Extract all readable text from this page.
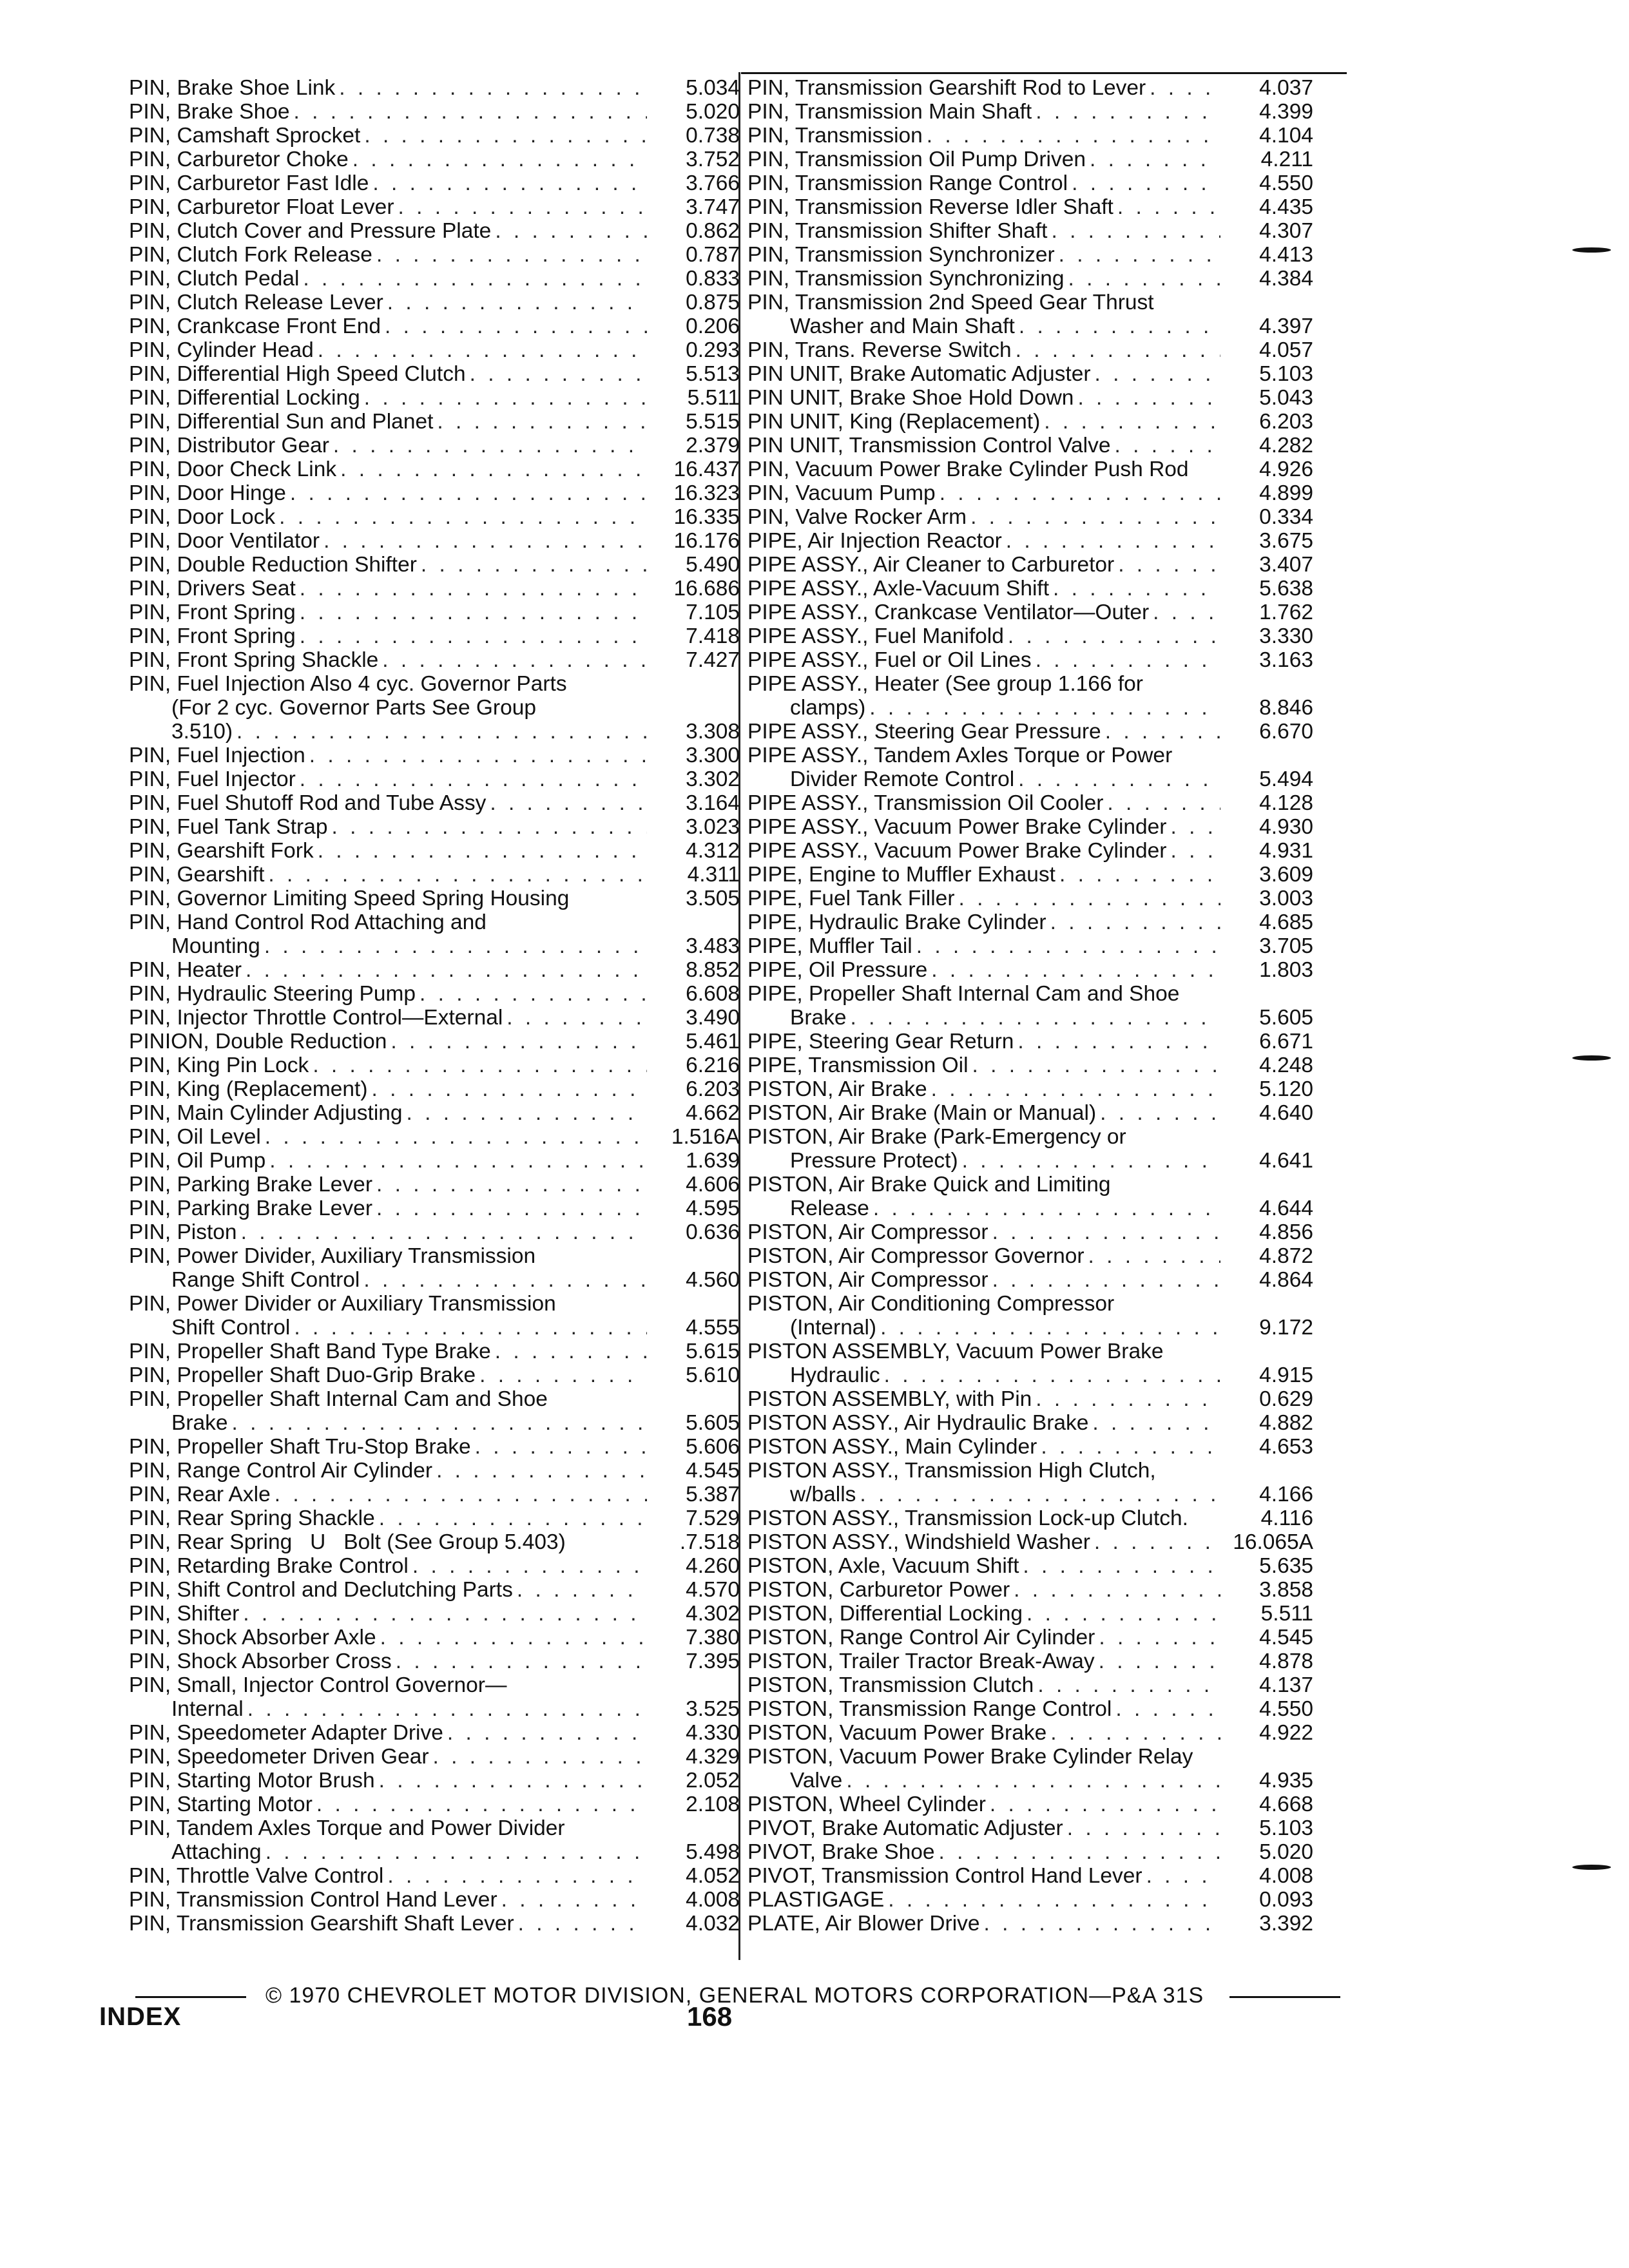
PIN, Brake Shoe Link . . .	5.034
PIN, Brake Shoe . . .	5.020
PIN, Camshaft Sprocket . . .	0.738
PIN, Carburetor Choke . . .	3.752
PIN, Carburetor Fast Idle . . .	3.766
PIN, Carburetor Float Lever . . .	3.747
PIN, Clutch Cover and Pressure Plate . . .	0.862
PIN, Clutch Fork Release . . .	0.787
PIN, Clutch Pedal . . .	0.833
PIN, Clutch Release Lever . . .	0.875
PIN, Crankcase Front End . . .	0.206
PIN, Cylinder Head . . .	0.293
PIN, Differential High Speed Clutch . . .	5.513
PIN, Differential Locking . . .	5.511
PIN, Differential Sun and Planet . . .	5.515
PIN, Distributor Gear . . .	2.379
PIN, Door Check Link . . .	16.437
PIN, Door Hinge . . .	16.323
PIN, Door Lock . . .	16.335
PIN, Door Ventilator . . .	16.176
PIN, Double Reduction Shifter . . .	5.490
PIN, Drivers Seat . . .	16.686
PIN, Front Spring . . .	7.105
PIN, Front Spring . . .	7.418
PIN, Front Spring Shackle . . .	7.427
PIN, Fuel Injection Also 4 cyc. Governor Parts
(For 2 cyc. Governor Parts See Group
3.510) . . .	3.308
PIN, Fuel Injection . . .	3.300
PIN, Fuel Injector . . .	3.302
PIN, Fuel Shutoff Rod and Tube Assy . . .	3.164
PIN, Fuel Tank Strap . . .	3.023
PIN, Gearshift Fork . . .	4.312
PIN, Gearshift . . .	4.311
PIN, Governor Limiting Speed Spring Housing	3.505
PIN, Hand Control Rod Attaching and
Mounting . . .	3.483
PIN, Heater . . .	8.852
PIN, Hydraulic Steering Pump . . .	6.608
PIN, Injector Throttle Control—External . . .	3.490
PINION, Double Reduction . . .	5.461
PIN, King Pin Lock . . .	6.216
PIN, King (Replacement) . . .	6.203
PIN, Main Cylinder Adjusting . . .	4.662
PIN, Oil Level . . .	1.516A
PIN, Oil Pump . . .	1.639
PIN, Parking Brake Lever . . .	4.606
PIN, Parking Brake Lever . . .	4.595
PIN, Piston . . .	0.636
PIN, Power Divider, Auxiliary Transmission
Range Shift Control . . .	4.560
PIN, Power Divider or Auxiliary Transmission
Shift Control . . .	4.555
PIN, Propeller Shaft Band Type Brake . . .	5.615
PIN, Propeller Shaft Duo-Grip Brake . . .	5.610
PIN, Propeller Shaft Internal Cam and Shoe
Brake . . .	5.605
PIN, Propeller Shaft Tru-Stop Brake . . .	5.606
PIN, Range Control Air Cylinder . . .	4.545
PIN, Rear Axle . . .	5.387
PIN, Rear Spring Shackle . . .	7.529
PIN, Rear Spring   U   Bolt (See Group 5.403)	.7.518
PIN, Retarding Brake Control . . .	4.260
PIN, Shift Control and Declutching Parts . . .	4.570
PIN, Shifter . . .	4.302
PIN, Shock Absorber Axle . . .	7.380
PIN, Shock Absorber Cross . . .	7.395
PIN, Small, Injector Control Governor—
Internal . . .	3.525
PIN, Speedometer Adapter Drive . . .	4.330
PIN, Speedometer Driven Gear . . .	4.329
PIN, Starting Motor Brush . . .	2.052
PIN, Starting Motor . . .	2.108
PIN, Tandem Axles Torque and Power Divider
Attaching . . .	5.498
PIN, Throttle Valve Control . . .	4.052
PIN, Transmission Control Hand Lever . . .	4.008
PIN, Transmission Gearshift Shaft Lever . . .	4.032
PIN, Transmission Gearshift Rod to Lever . . .	4.037
PIN, Transmission Main Shaft . . .	4.399
PIN, Transmission . . .	4.104
PIN, Transmission Oil Pump Driven . . .	4.211
PIN, Transmission Range Control . . .	4.550
PIN, Transmission Reverse Idler Shaft . . .	4.435
PIN, Transmission Shifter Shaft . . .	4.307
PIN, Transmission Synchronizer . . .	4.413
PIN, Transmission Synchronizing . . .	4.384
PIN, Transmission 2nd Speed Gear Thrust
Washer and Main Shaft . . .	4.397
PIN, Trans. Reverse Switch . . .	4.057
PIN UNIT, Brake Automatic Adjuster . . .	5.103
PIN UNIT, Brake Shoe Hold Down . . .	5.043
PIN UNIT, King (Replacement) . . .	6.203
PIN UNIT, Transmission Control Valve . . .	4.282
PIN, Vacuum Power Brake Cylinder Push Rod	4.926
PIN, Vacuum Pump . . .	4.899
PIN, Valve Rocker Arm . . .	0.334
PIPE, Air Injection Reactor . . .	3.675
PIPE ASSY., Air Cleaner to Carburetor . . .	3.407
PIPE ASSY., Axle-Vacuum Shift . . .	5.638
PIPE ASSY., Crankcase Ventilator—Outer . . .	1.762
PIPE ASSY., Fuel Manifold . . .	3.330
PIPE ASSY., Fuel or Oil Lines . . .	3.163
PIPE ASSY., Heater (See group 1.166 for
clamps) . . .	8.846
PIPE ASSY., Steering Gear Pressure . . .	6.670
PIPE ASSY., Tandem Axles Torque or Power
Divider Remote Control . . .	5.494
PIPE ASSY., Transmission Oil Cooler . . .	4.128
PIPE ASSY., Vacuum Power Brake Cylinder . . .	4.930
PIPE ASSY., Vacuum Power Brake Cylinder . . .	4.931
PIPE, Engine to Muffler Exhaust . . .	3.609
PIPE, Fuel Tank Filler . . .	3.003
PIPE, Hydraulic Brake Cylinder . . .	4.685
PIPE, Muffler Tail . . .	3.705
PIPE, Oil Pressure . . .	1.803
PIPE, Propeller Shaft Internal Cam and Shoe
Brake . . .	5.605
PIPE, Steering Gear Return . . .	6.671
PIPE, Transmission Oil . . .	4.248
PISTON, Air Brake . . .	5.120
PISTON, Air Brake (Main or Manual) . . .	4.640
PISTON, Air Brake (Park-Emergency or
Pressure Protect) . . .	4.641
PISTON, Air Brake Quick and Limiting
Release . . .	4.644
PISTON, Air Compressor . . .	4.856
PISTON, Air Compressor Governor . . .	4.872
PISTON, Air Compressor . . .	4.864
PISTON, Air Conditioning Compressor
(Internal) . . .	9.172
PISTON ASSEMBLY, Vacuum Power Brake
Hydraulic . . .	4.915
PISTON ASSEMBLY, with Pin . . .	0.629
PISTON ASSY., Air Hydraulic Brake . . .	4.882
PISTON ASSY., Main Cylinder . . .	4.653
PISTON ASSY., Transmission High Clutch,
w/balls . . .	4.166
PISTON ASSY., Transmission Lock-up Clutch.	4.116
PISTON ASSY., Windshield Washer . . .	16.065A
PISTON, Axle, Vacuum Shift . . .	5.635
PISTON, Carburetor Power . . .	3.858
PISTON, Differential Locking . . .	5.511
PISTON, Range Control Air Cylinder . . .	4.545
PISTON, Trailer Tractor Break-Away . . .	4.878
PISTON, Transmission Clutch . . .	4.137
PISTON, Transmission Range Control . . .	4.550
PISTON, Vacuum Power Brake . . .	4.922
PISTON, Vacuum Power Brake Cylinder Relay
Valve . . .	4.935
PISTON, Wheel Cylinder . . .	4.668
PIVOT, Brake Automatic Adjuster . . .	5.103
PIVOT, Brake Shoe . . .	5.020
PIVOT, Transmission Control Hand Lever . . .	4.008
PLASTIGAGE . . .	0.093
PLATE, Air Blower Drive . . .	3.392
© 1970 CHEVROLET MOTOR DIVISION, GENERAL MOTORS CORPORATION—P&A 31S
INDEX	168
